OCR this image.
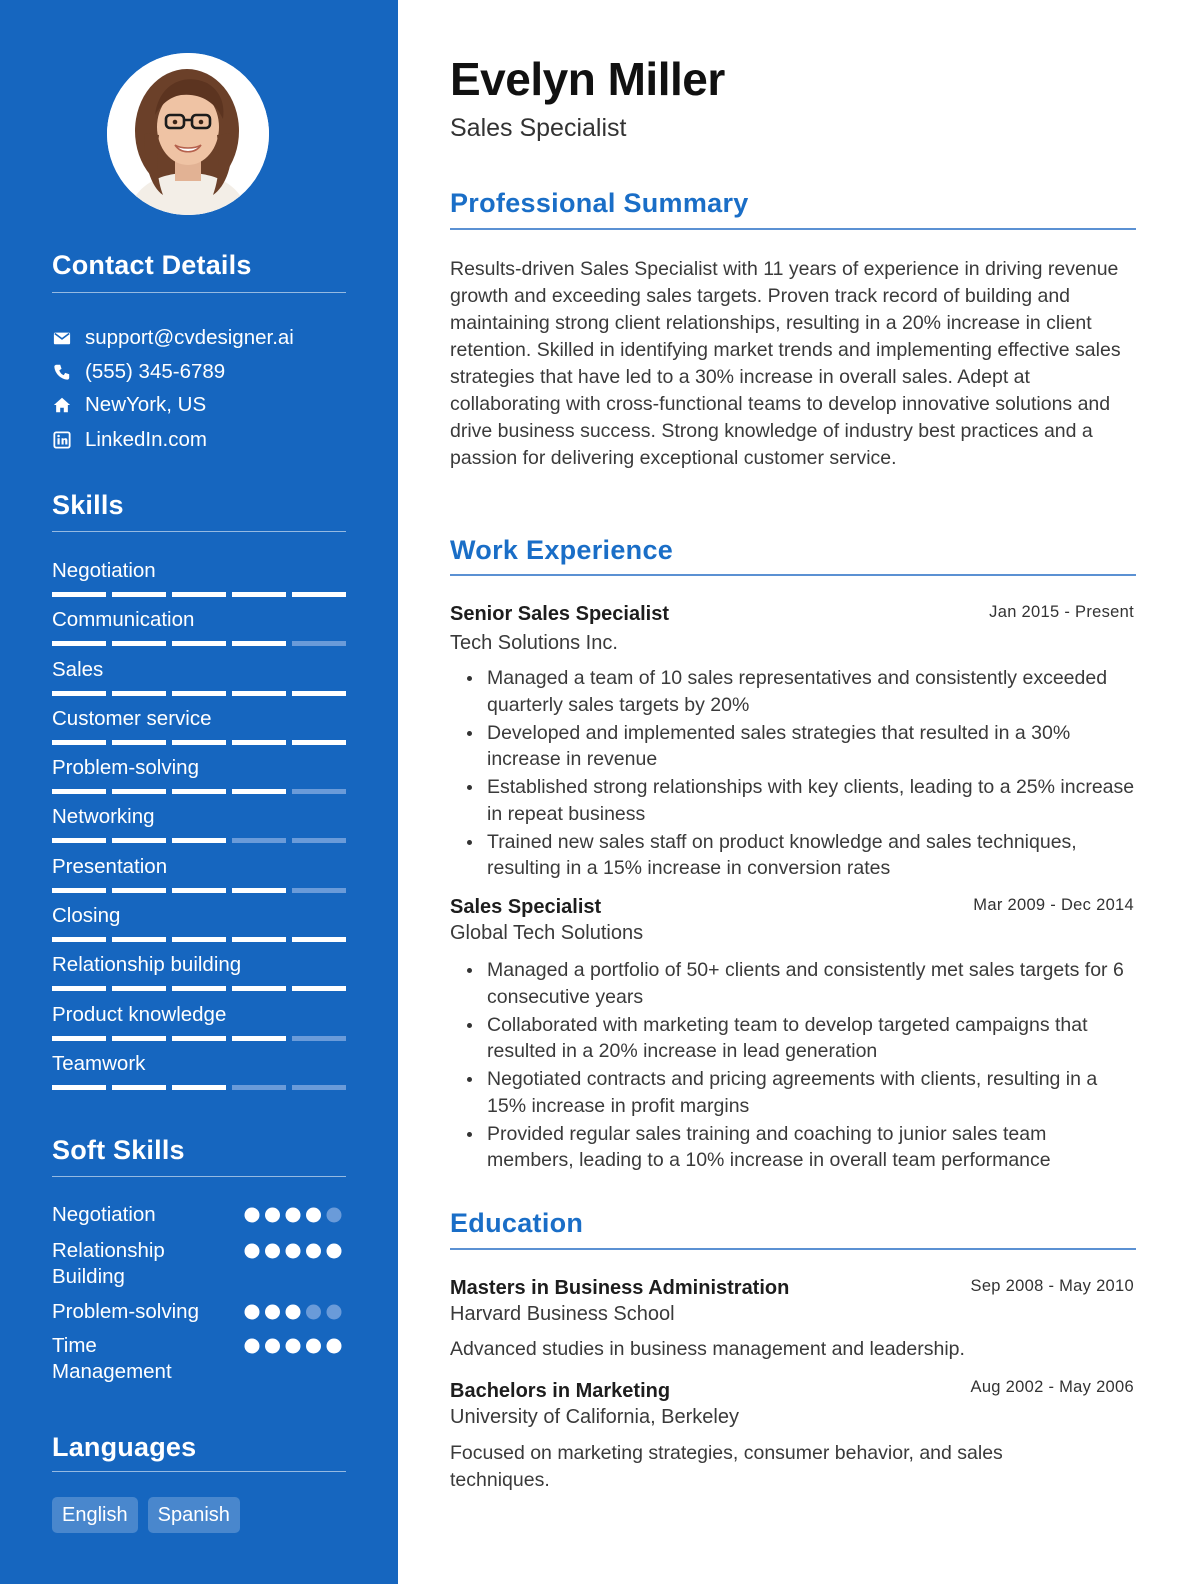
Contact Details
support@cvdesigner.ai
(555) 345-6789
NewYork, US
LinkedIn.com
Skills
Negotiation
Communication
Sales
Customer service
Problem-solving
Networking
Presentation
Closing
Relationship building
Product knowledge
Teamwork
Soft Skills
Negotiation
Relationship Building
Problem-solving
Time Management
Languages
English	Spanish
Evelyn Miller
Sales Specialist
Professional Summary

Results-driven Sales Specialist with 11 years of experience in driving revenue growth and exceeding sales targets. Proven track record of building and maintaining strong client relationships, resulting in a 20% increase in client retention. Skilled in identifying market trends and implementing effective sales strategies that have led to a 30% increase in overall sales. Adept at collaborating with cross-functional teams to develop innovative solutions and drive business success. Strong knowledge of industry best practices and a passion for delivering exceptional customer service.

Work Experience
Senior Sales Specialist	Jan 2015 - Present
Tech Solutions Inc.
Managed a team of 10 sales representatives and consistently exceeded quarterly sales targets by 20%
Developed and implemented sales strategies that resulted in a 30% increase in revenue
Established strong relationships with key clients, leading to a 25% increase in repeat business
Trained new sales staff on product knowledge and sales techniques, resulting in a 15% increase in conversion rates
Sales Specialist	Mar 2009 - Dec 2014
Global Tech Solutions
Managed a portfolio of 50+ clients and consistently met sales targets for 6 consecutive years
Collaborated with marketing team to develop targeted campaigns that resulted in a 20% increase in lead generation
Negotiated contracts and pricing agreements with clients, resulting in a 15% increase in profit margins
Provided regular sales training and coaching to junior sales team members, leading to a 10% increase in overall team performance
Education
Masters in Business Administration	Sep 2008 - May 2010
Harvard Business School

Advanced studies in business management and leadership.

Bachelors in Marketing	Aug 2002 - May 2006
University of California, Berkeley

Focused on marketing strategies, consumer behavior, and sales techniques.
